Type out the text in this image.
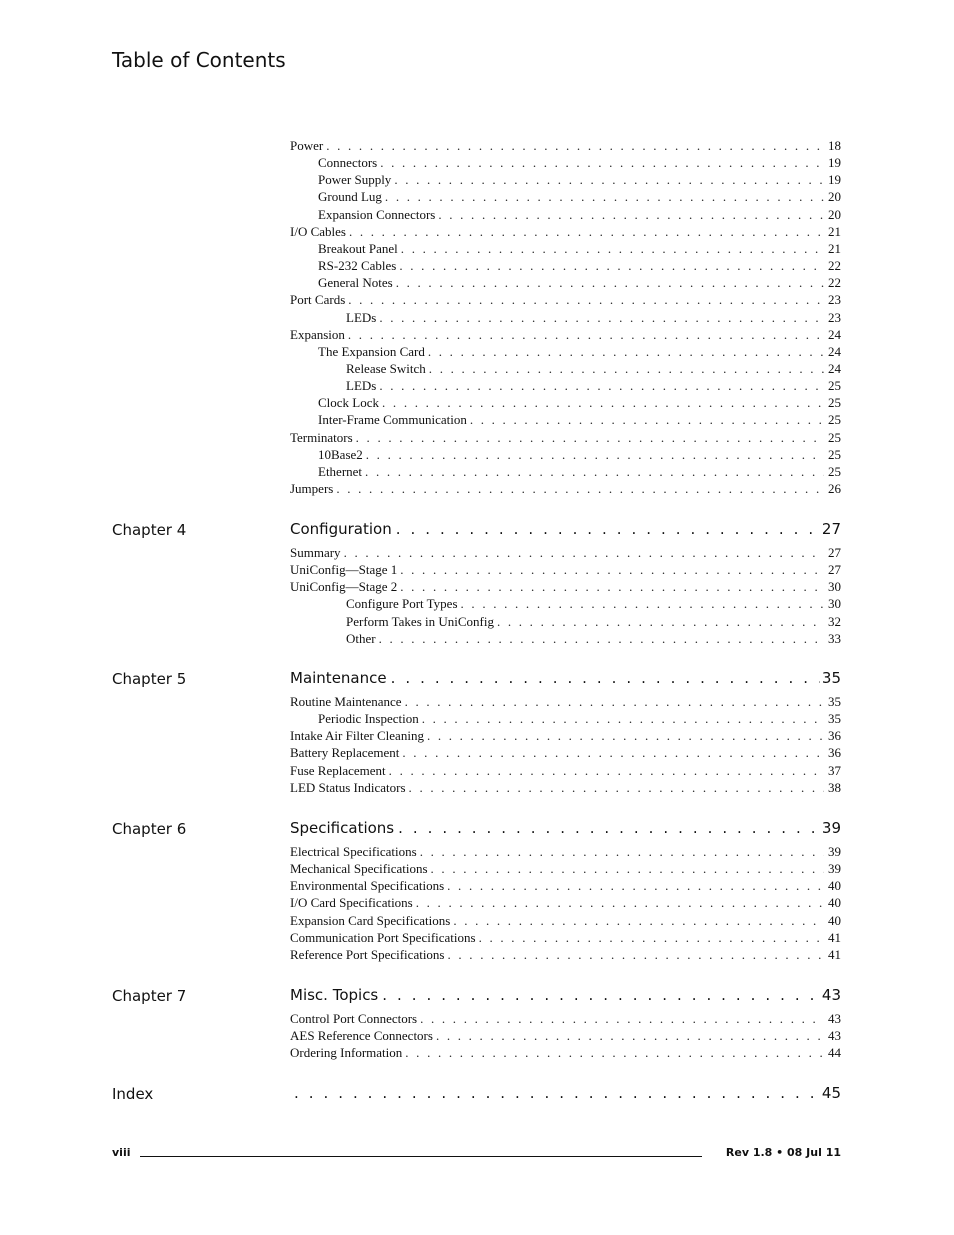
Table of Contents
Power . . .	18
Connectors . . .	19
Power Supply . . .	19
Ground Lug . . .	20
Expansion Connectors . . .	20
I/O Cables . . .	21
Breakout Panel . . .	21
RS-232 Cables . . .	22
General Notes . . .	22
Port Cards . . .	23
LEDs . . .	23
Expansion . . .	24
The Expansion Card . . .	24
Release Switch . . .	24
LEDs . . .	25
Clock Lock . . .	25
Inter-Frame Communication . . .	25
Terminators . . .	25
10Base2 . . .	25
Ethernet . . .	25
Jumpers . . .	26
Chapter 4	Configuration . . .	27
Summary . . .	27
UniConfig—Stage 1 . . .	27
UniConfig—Stage 2 . . .	30
Configure Port Types . . .	30
Perform Takes in UniConfig . . .	32
Other . . .	33
Chapter 5	Maintenance . . .	35
Routine Maintenance . . .	35
Periodic Inspection . . .	35
Intake Air Filter Cleaning . . .	36
Battery Replacement . . .	36
Fuse Replacement . . .	37
LED Status Indicators . . .	38
Chapter 6	Specifications . . .	39
Electrical Specifications . . .	39
Mechanical Specifications . . .	39
Environmental Specifications . . .	40
I/O Card Specifications . . .	40
Expansion Card Specifications . . .	40
Communication Port Specifications . . .	41
Reference Port Specifications . . .	41
Chapter 7	Misc. Topics . . .	43
Control Port Connectors . . .	43
AES Reference Connectors . . .	43
Ordering Information . . .	44
Index . . .	45
viii	Rev 1.8 • 08 Jul 11
